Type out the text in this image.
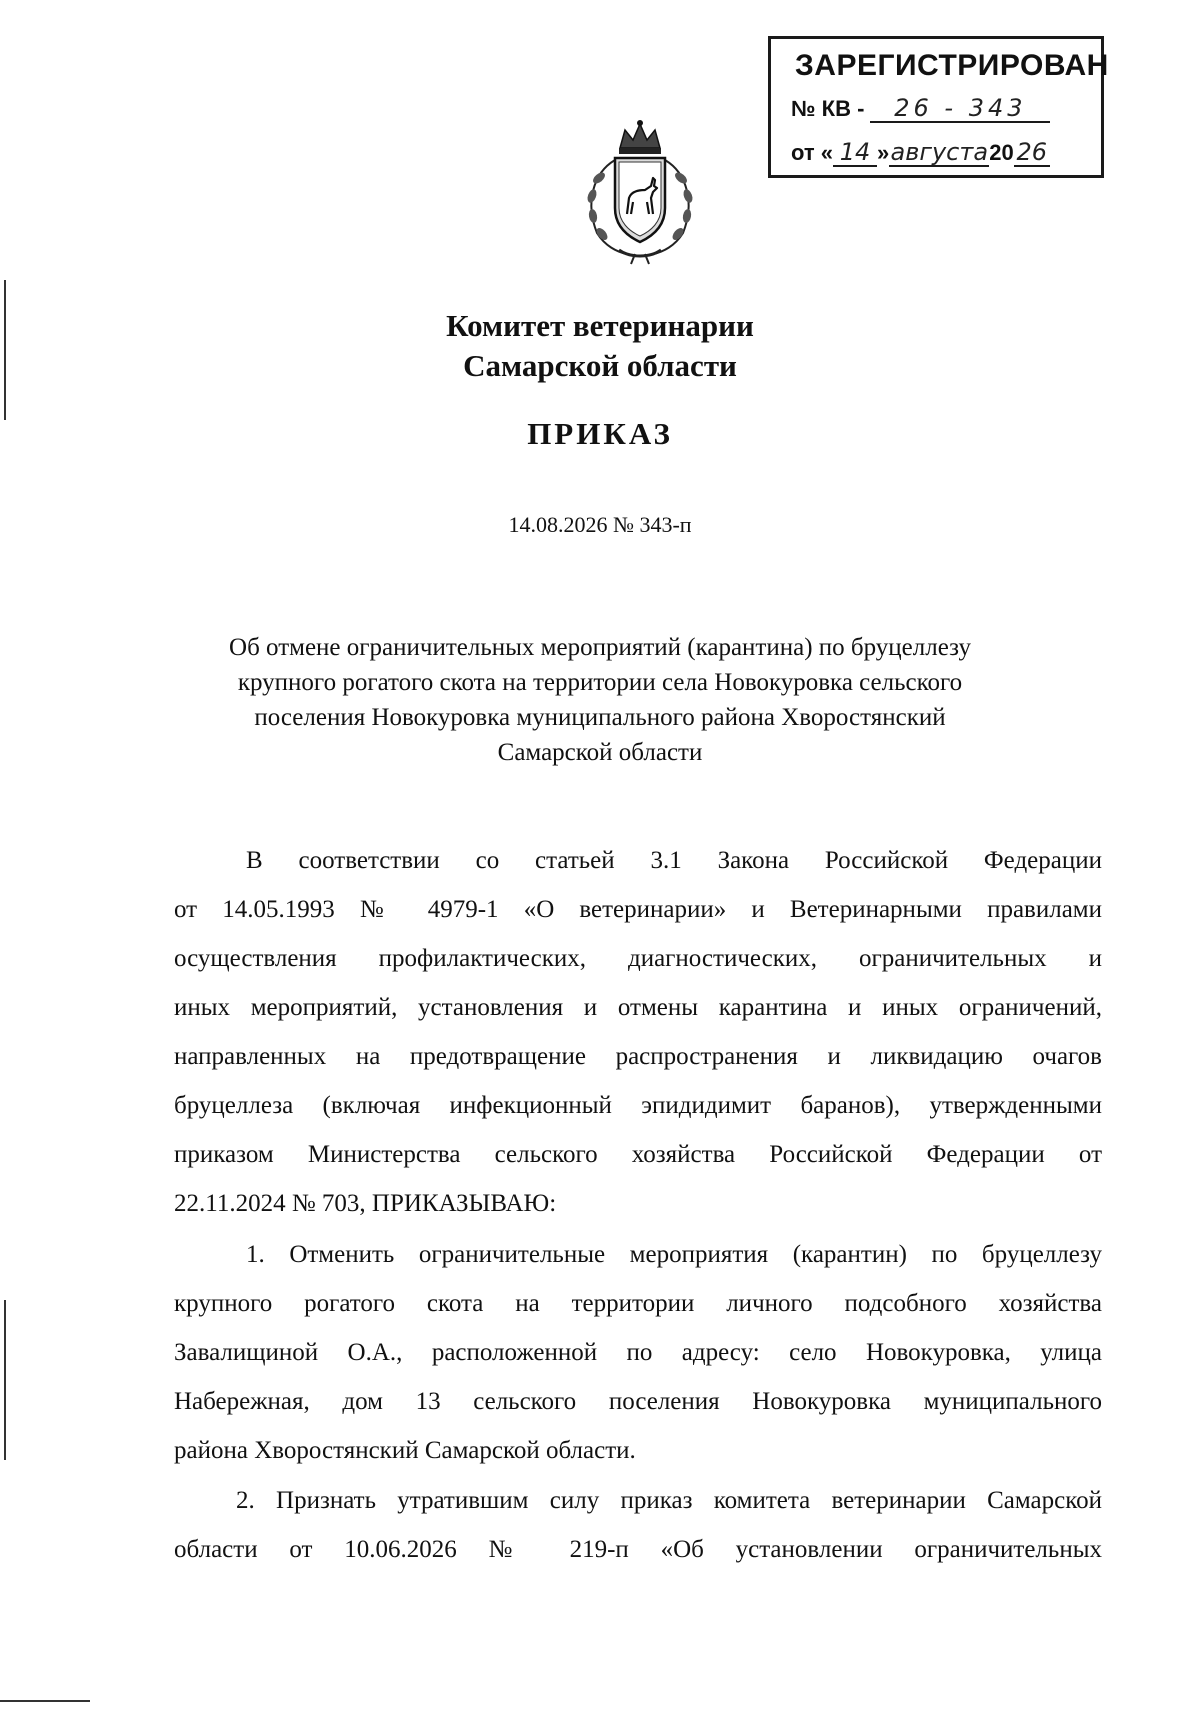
ЗАРЕГИСТРИРОВАН
№ КВ - 26 - 343
от « 14 »августа20 26
Комитет ветеринарии
Самарской области
ПРИКАЗ
14.08.2026 № 343-п
Об отмене ограничительных мероприятий (карантина) по бруцеллезу
крупного рогатого скота на территории села Новокуровка сельского
поселения Новокуровка муниципального района Хворостянский
Самарской области
В соответствии со статьей 3.1 Закона Российской Федерации
от 14.05.1993 № 4979-1 «О ветеринарии» и Ветеринарными правилами
осуществления профилактических, диагностических, ограничительных и
иных мероприятий, установления и отмены карантина и иных ограничений,
направленных на предотвращение распространения и ликвидацию очагов
бруцеллеза (включая инфекционный эпидидимит баранов), утвержденными
приказом Министерства сельского хозяйства Российской Федерации от
22.11.2024 № 703, ПРИКАЗЫВАЮ:
1. Отменить ограничительные мероприятия (карантин) по бруцеллезу
крупного рогатого скота на территории личного подсобного хозяйства
Завалищиной О.А., расположенной по адресу: село Новокуровка, улица
Набережная, дом 13 сельского поселения Новокуровка муниципального
района Хворостянский Самарской области.
2. Признать утратившим силу приказ комитета ветеринарии Самарской
области от 10.06.2026 № 219-п «Об установлении ограничительных
